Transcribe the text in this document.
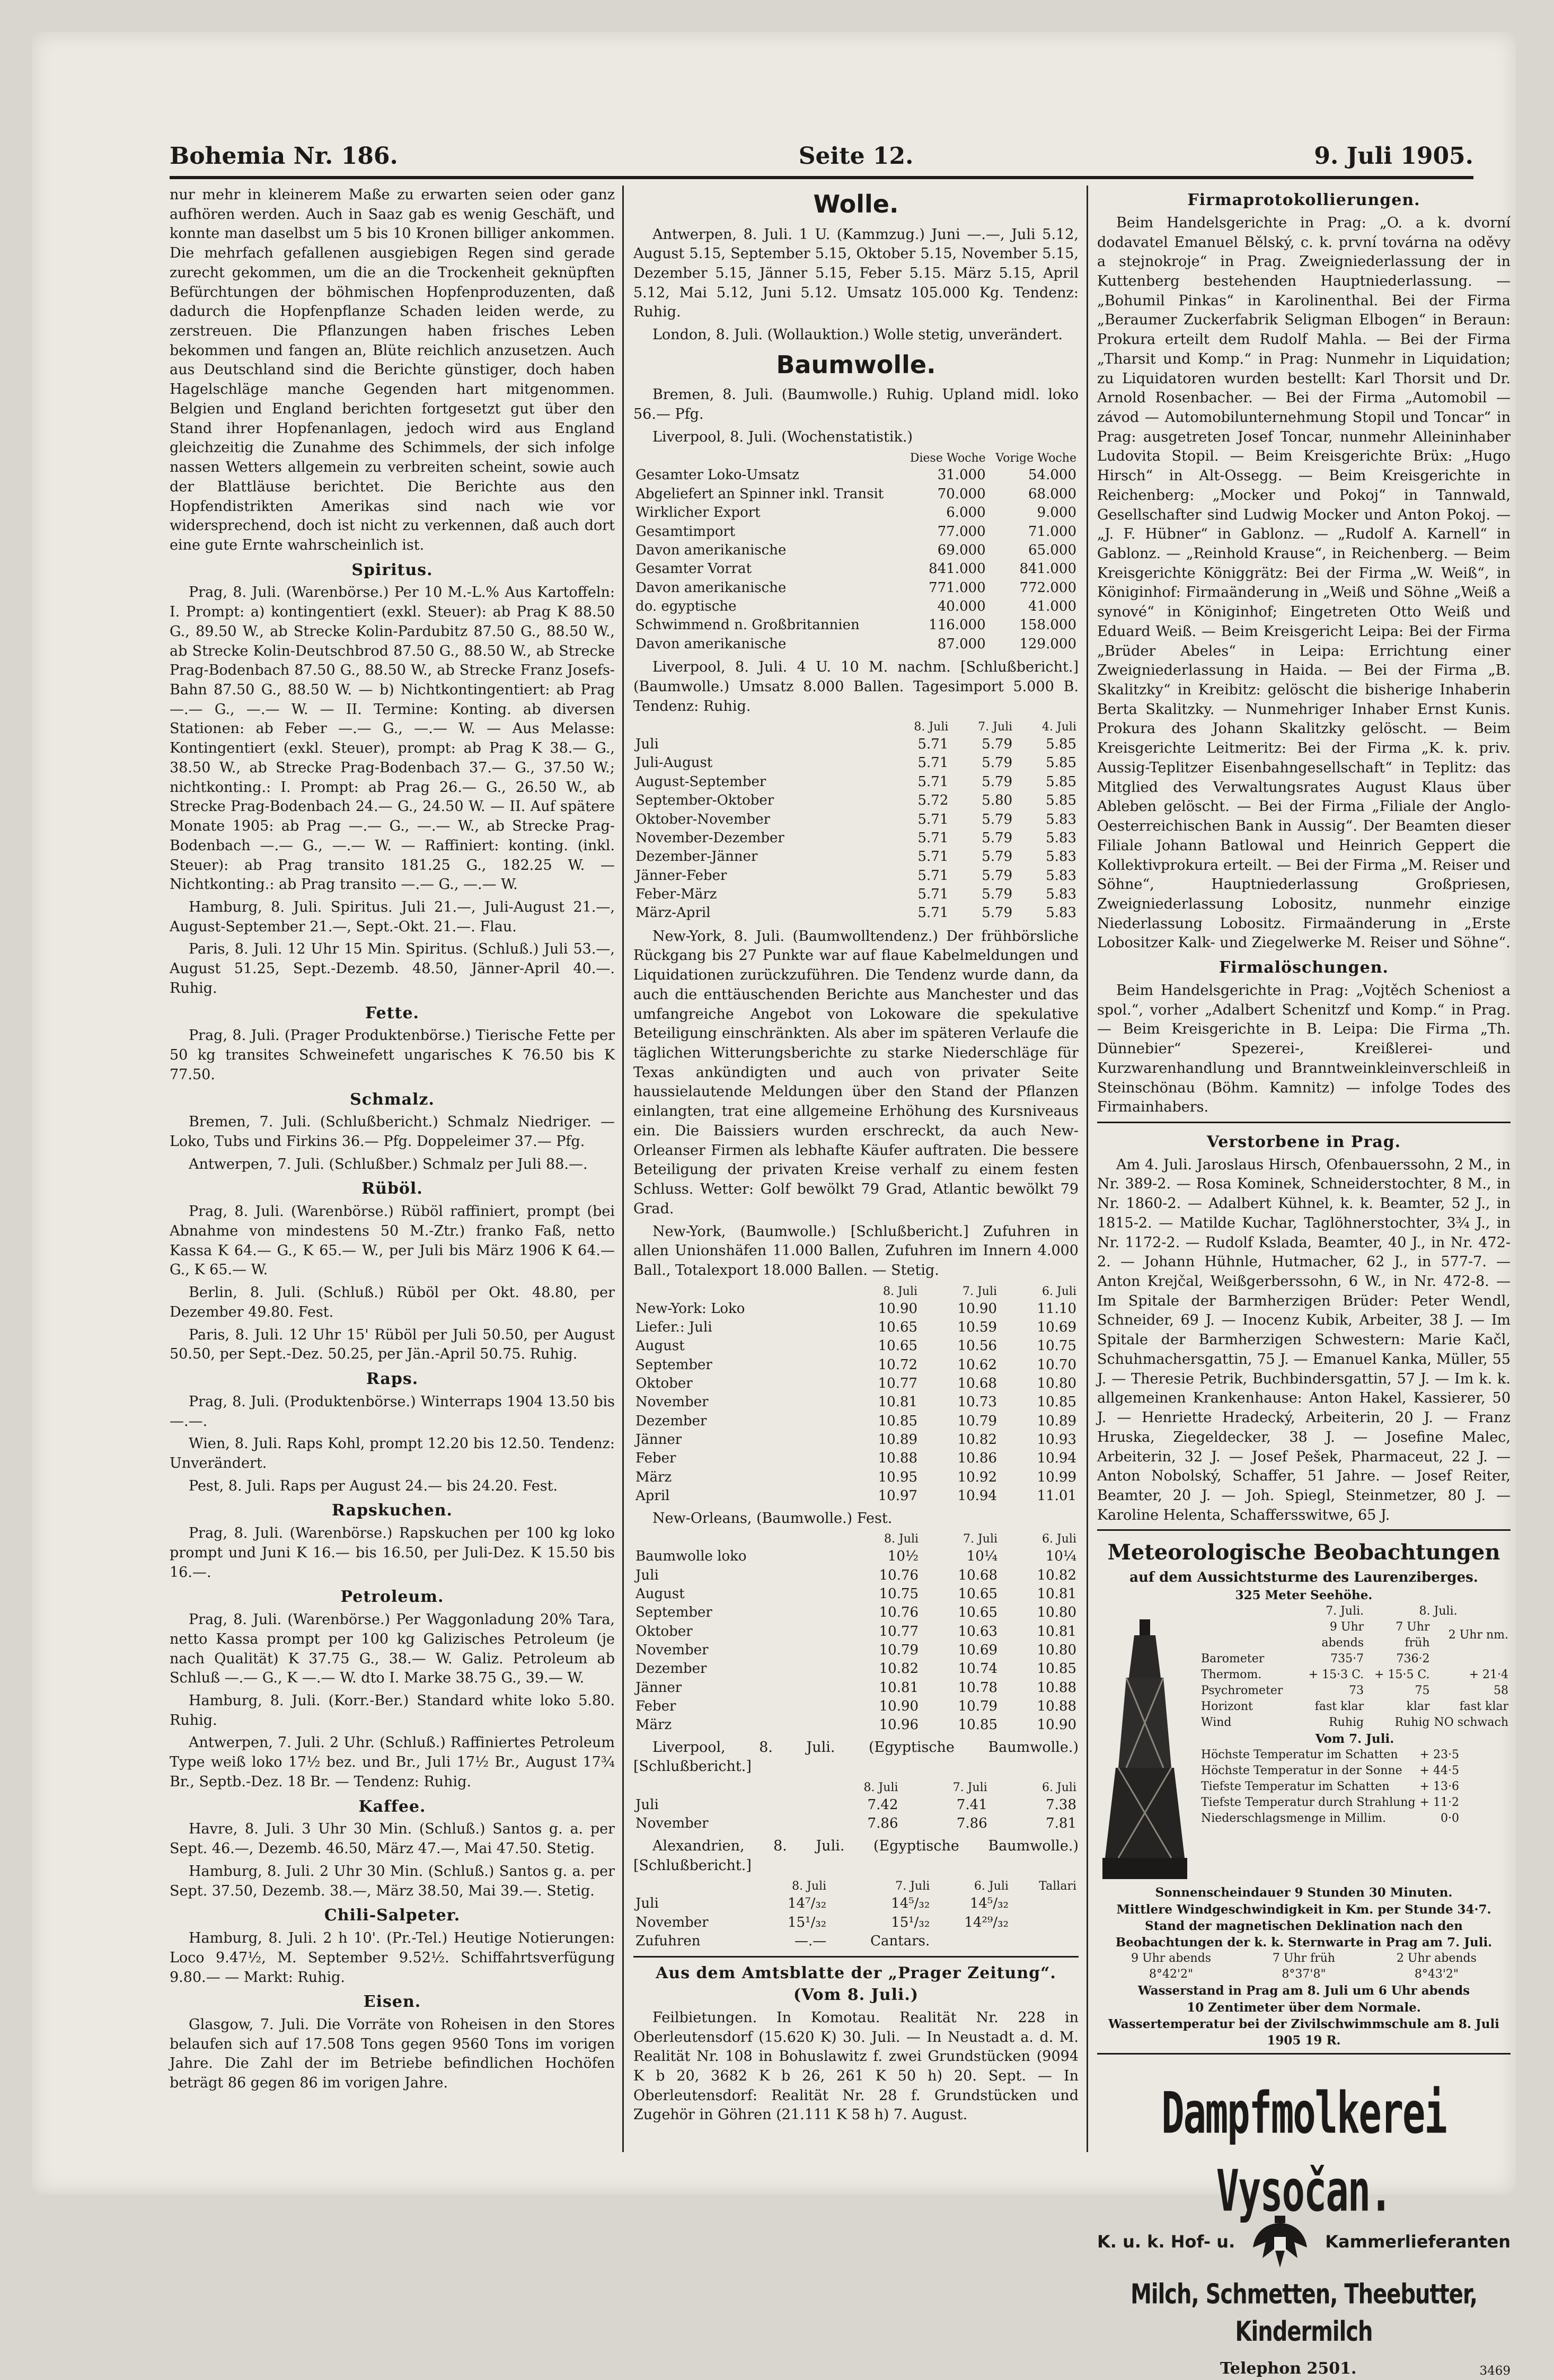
Bohemia Nr. 186.	Seite 12.	9. Juli 1905.

nur mehr in kleinerem Maße zu erwarten seien oder ganz aufhören werden. Auch in Saaz gab es wenig Geschäft, und konnte man daselbst um 5 bis 10 Kronen billiger ankommen. Die mehrfach gefallenen ausgiebigen Regen sind gerade zurecht gekommen, um die an die Trockenheit geknüpften Befürchtungen der böhmischen Hopfenproduzenten, daß dadurch die Hopfenpflanze Schaden leiden werde, zu zerstreuen. Die Pflanzungen haben frisches Leben bekommen und fangen an, Blüte reichlich anzusetzen. Auch aus Deutschland sind die Berichte günstiger, doch haben Hagelschläge manche Gegenden hart mitgenommen. Belgien und England berichten fortgesetzt gut über den Stand ihrer Hopfenanlagen, jedoch wird aus England gleichzeitig die Zunahme des Schimmels, der sich infolge nassen Wetters allgemein zu verbreiten scheint, sowie auch der Blattläuse berichtet. Die Berichte aus den Hopfendistrikten Amerikas sind nach wie vor widersprechend, doch ist nicht zu verkennen, daß auch dort eine gute Ernte wahrscheinlich ist.

Spiritus.

Prag, 8. Juli. (Warenbörse.) Per 10 M.-L.% Aus Kartoffeln: I. Prompt: a) kontingentiert (exkl. Steuer): ab Prag K 88.50 G., 89.50 W., ab Strecke Kolin-Pardubitz 87.50 G., 88.50 W., ab Strecke Kolin-Deutschbrod 87.50 G., 88.50 W., ab Strecke Prag-Bodenbach 87.50 G., 88.50 W., ab Strecke Franz Josefs-Bahn 87.50 G., 88.50 W. — b) Nichtkontingentiert: ab Prag —.— G., —.— W. — II. Termine: Konting. ab diversen Stationen: ab Feber —.— G., —.— W. — Aus Melasse: Kontingentiert (exkl. Steuer), prompt: ab Prag K 38.— G., 38.50 W., ab Strecke Prag-Bodenbach 37.— G., 37.50 W.; nichtkonting.: I. Prompt: ab Prag 26.— G., 26.50 W., ab Strecke Prag-Bodenbach 24.— G., 24.50 W. — II. Auf spätere Monate 1905: ab Prag —.— G., —.— W., ab Strecke Prag-Bodenbach —.— G., —.— W. — Raffiniert: konting. (inkl. Steuer): ab Prag transito 181.25 G., 182.25 W. — Nichtkonting.: ab Prag transito —.— G., —.— W.

Hamburg, 8. Juli. Spiritus. Juli 21.—, Juli-August 21.—, August-September 21.—, Sept.-Okt. 21.—. Flau.

Paris, 8. Juli. 12 Uhr 15 Min. Spiritus. (Schluß.) Juli 53.—, August 51.25, Sept.-Dezemb. 48.50, Jänner-April 40.—. Ruhig.

Fette.

Prag, 8. Juli. (Prager Produktenbörse.) Tierische Fette per 50 kg transites Schweinefett ungarisches K 76.50 bis K 77.50.

Schmalz.

Bremen, 7. Juli. (Schlußbericht.) Schmalz Niedriger. — Loko, Tubs und Firkins 36.— Pfg. Doppeleimer 37.— Pfg.

Antwerpen, 7. Juli. (Schlußber.) Schmalz per Juli 88.—.

Rüböl.

Prag, 8. Juli. (Warenbörse.) Rüböl raffiniert, prompt (bei Abnahme von mindestens 50 M.-Ztr.) franko Faß, netto Kassa K 64.— G., K 65.— W., per Juli bis März 1906 K 64.— G., K 65.— W.

Berlin, 8. Juli. (Schluß.) Rüböl per Okt. 48.80, per Dezember 49.80. Fest.

Paris, 8. Juli. 12 Uhr 15' Rüböl per Juli 50.50, per August 50.50, per Sept.-Dez. 50.25, per Jän.-April 50.75. Ruhig.

Raps.

Prag, 8. Juli. (Produktenbörse.) Winterraps 1904 13.50 bis —.—.

Wien, 8. Juli. Raps Kohl, prompt 12.20 bis 12.50. Tendenz: Unverändert.

Pest, 8. Juli. Raps per August 24.— bis 24.20. Fest.

Rapskuchen.

Prag, 8. Juli. (Warenbörse.) Rapskuchen per 100 kg loko prompt und Juni K 16.— bis 16.50, per Juli-Dez. K 15.50 bis 16.—.

Petroleum.

Prag, 8. Juli. (Warenbörse.) Per Waggonladung 20% Tara, netto Kassa prompt per 100 kg Galizisches Petroleum (je nach Qualität) K 37.75 G., 38.— W. Galiz. Petroleum ab Schluß —.— G., K —.— W. dto I. Marke 38.75 G., 39.— W.

Hamburg, 8. Juli. (Korr.-Ber.) Standard white loko 5.80. Ruhig.

Antwerpen, 7. Juli. 2 Uhr. (Schluß.) Raffiniertes Petroleum Type weiß loko 17½ bez. und Br., Juli 17½ Br., August 17¾ Br., Septb.-Dez. 18 Br. — Tendenz: Ruhig.

Kaffee.

Havre, 8. Juli. 3 Uhr 30 Min. (Schluß.) Santos g. a. per Sept. 46.—, Dezemb. 46.50, März 47.—, Mai 47.50. Stetig.

Hamburg, 8. Juli. 2 Uhr 30 Min. (Schluß.) Santos g. a. per Sept. 37.50, Dezemb. 38.—, März 38.50, Mai 39.—. Stetig.

Chili-Salpeter.

Hamburg, 8. Juli. 2 h 10'. (Pr.-Tel.) Heutige Notierungen: Loco 9.47½, M. September 9.52½. Schiffahrtsverfügung 9.80.— — Markt: Ruhig.

Eisen.

Glasgow, 7. Juli. Die Vorräte von Roheisen in den Stores belaufen sich auf 17.508 Tons gegen 9560 Tons im vorigen Jahre. Die Zahl der im Betriebe befindlichen Hochöfen beträgt 86 gegen 86 im vorigen Jahre.

Wolle.

Antwerpen, 8. Juli. 1 U. (Kammzug.) Juni —.—, Juli 5.12, August 5.15, September 5.15, Oktober 5.15, November 5.15, Dezember 5.15, Jänner 5.15, Feber 5.15. März 5.15, April 5.12, Mai 5.12, Juni 5.12. Umsatz 105.000 Kg. Tendenz: Ruhig.

London, 8. Juli. (Wollauktion.) Wolle stetig, unverändert.

Baumwolle.

Bremen, 8. Juli. (Baumwolle.) Ruhig. Upland midl. loko 56.— Pfg.

Liverpool, 8. Juli. (Wochenstatistik.)

	Diese Woche	Vorige Woche
Gesamter Loko-Umsatz	31.000	54.000
Abgeliefert an Spinner inkl. Transit	70.000	68.000
Wirklicher Export	6.000	9.000
Gesamtimport	77.000	71.000
Davon amerikanische	69.000	65.000
Gesamter Vorrat	841.000	841.000
Davon amerikanische	771.000	772.000
do. egyptische	40.000	41.000
Schwimmend n. Großbritannien	116.000	158.000
Davon amerikanische	87.000	129.000

Liverpool, 8. Juli. 4 U. 10 M. nachm. [Schlußbericht.] (Baumwolle.) Umsatz 8.000 Ballen. Tagesimport 5.000 B. Tendenz: Ruhig.

	8. Juli	7. Juli	4. Juli
Juli	5.71	5.79	5.85
Juli-August	5.71	5.79	5.85
August-September	5.71	5.79	5.85
September-Oktober	5.72	5.80	5.85
Oktober-November	5.71	5.79	5.83
November-Dezember	5.71	5.79	5.83
Dezember-Jänner	5.71	5.79	5.83
Jänner-Feber	5.71	5.79	5.83
Feber-März	5.71	5.79	5.83
März-April	5.71	5.79	5.83

New-York, 8. Juli. (Baumwolltendenz.) Der frühbörsliche Rückgang bis 27 Punkte war auf flaue Kabelmeldungen und Liquidationen zurückzuführen. Die Tendenz wurde dann, da auch die enttäuschenden Berichte aus Manchester und das umfangreiche Angebot von Lokoware die spekulative Beteiligung einschränkten. Als aber im späteren Verlaufe die täglichen Witterungsberichte zu starke Niederschläge für Texas ankündigten und auch von privater Seite haussielautende Meldungen über den Stand der Pflanzen einlangten, trat eine allgemeine Erhöhung des Kursniveaus ein. Die Baissiers wurden erschreckt, da auch New-Orleanser Firmen als lebhafte Käufer auftraten. Die bessere Beteiligung der privaten Kreise verhalf zu einem festen Schluss. Wetter: Golf bewölkt 79 Grad, Atlantic bewölkt 79 Grad.

New-York, (Baumwolle.) [Schlußbericht.] Zufuhren in allen Unionshäfen 11.000 Ballen, Zufuhren im Innern 4.000 Ball., Totalexport 18.000 Ballen. — Stetig.

	8. Juli	7. Juli	6. Juli
New-York: Loko	10.90	10.90	11.10
Liefer.: Juli	10.65	10.59	10.69
August	10.65	10.56	10.75
September	10.72	10.62	10.70
Oktober	10.77	10.68	10.80
November	10.81	10.73	10.85
Dezember	10.85	10.79	10.89
Jänner	10.89	10.82	10.93
Feber	10.88	10.86	10.94
März	10.95	10.92	10.99
April	10.97	10.94	11.01

New-Orleans, (Baumwolle.) Fest.

	8. Juli	7. Juli	6. Juli
Baumwolle loko	10½	10¼	10¼
Juli	10.76	10.68	10.82
August	10.75	10.65	10.81
September	10.76	10.65	10.80
Oktober	10.77	10.63	10.81
November	10.79	10.69	10.80
Dezember	10.82	10.74	10.85
Jänner	10.81	10.78	10.88
Feber	10.90	10.79	10.88
März	10.96	10.85	10.90

Liverpool, 8. Juli. (Egyptische Baumwolle.) [Schlußbericht.]

	8. Juli	7. Juli	6. Juli
Juli	7.42	7.41	7.38
November	7.86	7.86	7.81

Alexandrien, 8. Juli. (Egyptische Baumwolle.) [Schlußbericht.]

	8. Juli	7. Juli	6. Juli	Tallari
Juli	14⁷/₃₂	14⁵/₃₂	14⁵/₃₂	
November	15¹/₃₂	15¹/₃₂	14²⁹/₃₂	
Zufuhren	—.—	Cantars.		
Aus dem Amtsblatte der „Prager Zeitung“. (Vom 8. Juli.)

Feilbietungen. In Komotau. Realität Nr. 228 in Oberleutensdorf (15.620 K) 30. Juli. — In Neustadt a. d. M. Realität Nr. 108 in Bohuslawitz f. zwei Grundstücken (9094 K b 20, 3682 K b 26, 261 K 50 h) 20. Sept. — In Oberleutensdorf: Realität Nr. 28 f. Grundstücken und Zugehör in Göhren (21.111 K 58 h) 7. August.

Firmaprotokollierungen.

Beim Handelsgerichte in Prag: „O. a k. dvorní dodavatel Emanuel Bělský, c. k. první továrna na oděvy a stejnokroje“ in Prag. Zweigniederlassung der in Kuttenberg bestehenden Hauptniederlassung. — „Bohumil Pinkas“ in Karolinenthal. Bei der Firma „Beraumer Zuckerfabrik Seligman Elbogen“ in Beraun: Prokura erteilt dem Rudolf Mahla. — Bei der Firma „Tharsit und Komp.“ in Prag: Nunmehr in Liquidation; zu Liquidatoren wurden bestellt: Karl Thorsit und Dr. Arnold Rosenbacher. — Bei der Firma „Automobil — závod — Automobilunternehmung Stopil und Toncar“ in Prag: ausgetreten Josef Toncar, nunmehr Alleininhaber Ludovita Stopil. — Beim Kreisgerichte Brüx: „Hugo Hirsch“ in Alt-Ossegg. — Beim Kreisgerichte in Reichenberg: „Mocker und Pokoj“ in Tannwald, Gesellschafter sind Ludwig Mocker und Anton Pokoj. — „J. F. Hübner“ in Gablonz. — „Rudolf A. Karnell“ in Gablonz. — „Reinhold Krause“, in Reichenberg. — Beim Kreisgerichte Königgrätz: Bei der Firma „W. Weiß“, in Königinhof: Firmaänderung in „Weiß und Söhne „Weiß a synové“ in Königinhof; Eingetreten Otto Weiß und Eduard Weiß. — Beim Kreisgericht Leipa: Bei der Firma „Brüder Abeles“ in Leipa: Errichtung einer Zweigniederlassung in Haida. — Bei der Firma „B. Skalitzky“ in Kreibitz: gelöscht die bisherige Inhaberin Berta Skalitzky. — Nunmehriger Inhaber Ernst Kunis. Prokura des Johann Skalitzky gelöscht. — Beim Kreisgerichte Leitmeritz: Bei der Firma „K. k. priv. Aussig-Teplitzer Eisenbahngesellschaft“ in Teplitz: das Mitglied des Verwaltungsrates August Klaus über Ableben gelöscht. — Bei der Firma „Filiale der Anglo-Oesterreichischen Bank in Aussig“. Der Beamten dieser Filiale Johann Batlowal und Heinrich Geppert die Kollektivprokura erteilt. — Bei der Firma „M. Reiser und Söhne“, Hauptniederlassung Großpriesen, Zweigniederlassung Lobositz, nunmehr einzige Niederlassung Lobositz. Firmaänderung in „Erste Lobositzer Kalk- und Ziegelwerke M. Reiser und Söhne“.

Firmalöschungen.

Beim Handelsgerichte in Prag: „Vojtěch Scheniost a spol.“, vorher „Adalbert Schenitzf und Komp.“ in Prag. — Beim Kreisgerichte in B. Leipa: Die Firma „Th. Dünnebier“ Spezerei-, Kreißlerei- und Kurzwarenhandlung und Branntweinkleinverschleiß in Steinschönau (Böhm. Kamnitz) — infolge Todes des Firmainhabers.

Verstorbene in Prag.

Am 4. Juli. Jaroslaus Hirsch, Ofenbauerssohn, 2 M., in Nr. 389-2. — Rosa Kominek, Schneiderstochter, 8 M., in Nr. 1860-2. — Adalbert Kühnel, k. k. Beamter, 52 J., in 1815-2. — Matilde Kuchar, Taglöhnerstochter, 3¾ J., in Nr. 1172-2. — Rudolf Kslada, Beamter, 40 J., in Nr. 472-2. — Johann Hühnle, Hutmacher, 62 J., in 577-7. — Anton Krejčal, Weißgerberssohn, 6 W., in Nr. 472-8. — Im Spitale der Barmherzigen Brüder: Peter Wendl, Schneider, 69 J. — Inocenz Kubik, Arbeiter, 38 J. — Im Spitale der Barmherzigen Schwestern: Marie Kačl, Schuhmachersgattin, 75 J. — Emanuel Kanka, Müller, 55 J. — Theresie Petrik, Buchbindersgattin, 57 J. — Im k. k. allgemeinen Krankenhause: Anton Hakel, Kassierer, 50 J. — Henriette Hradecký, Arbeiterin, 20 J. — Franz Hruska, Ziegeldecker, 38 J. — Josefine Malec, Arbeiterin, 32 J. — Josef Pešek, Pharmaceut, 22 J. — Anton Nobolský, Schaffer, 51 Jahre. — Josef Reiter, Beamter, 20 J. — Joh. Spiegl, Steinmetzer, 80 J. — Karoline Helenta, Schaffersswitwe, 65 J.

Meteorologische Beobachtungen
auf dem Aussichtsturme des Laurenziberges.
325 Meter Seehöhe.
	7. Juli.	8. Juli.	
	9 Uhr abends	7 Uhr früh	2 Uhr nm.
Barometer	735·7	736·2	
Thermom.	+ 15·3 C.	+ 15·5 C.	+ 21·4
Psychrometer	73	75	58
Horizont	fast klar	klar	fast klar
Wind	Ruhig	Ruhig	NO schwach
Vom 7. Juli.
Höchste Temperatur im Schatten	+ 23·5
Höchste Temperatur in der Sonne	+ 44·5
Tiefste Temperatur im Schatten	+ 13·6
Tiefste Temperatur durch Strahlung	+ 11·2
Niederschlagsmenge in Millim.	0·0
Sonnenscheindauer 9 Stunden 30 Minuten.
Mittlere Windgeschwindigkeit in Km. per Stunde 34·7.
Stand der magnetischen Deklination nach den Beobachtungen der k. k. Sternwarte in Prag am 7. Juli.
9 Uhr abends	7 Uhr früh	2 Uhr abends
8°42'2"	8°37'8"	8°43'2"
Wasserstand in Prag am 8. Juli um 6 Uhr abends
10 Zentimeter über dem Normale.
Wassertemperatur bei der Zivilschwimmschule am 8. Juli 1905 19 R.
Dampfmolkerei Vysočan.
K. u. k. Hof- u.	Kammerlieferanten
Milch, Schmetten, Theebutter, Kindermilch
Telephon 2501.	3469
